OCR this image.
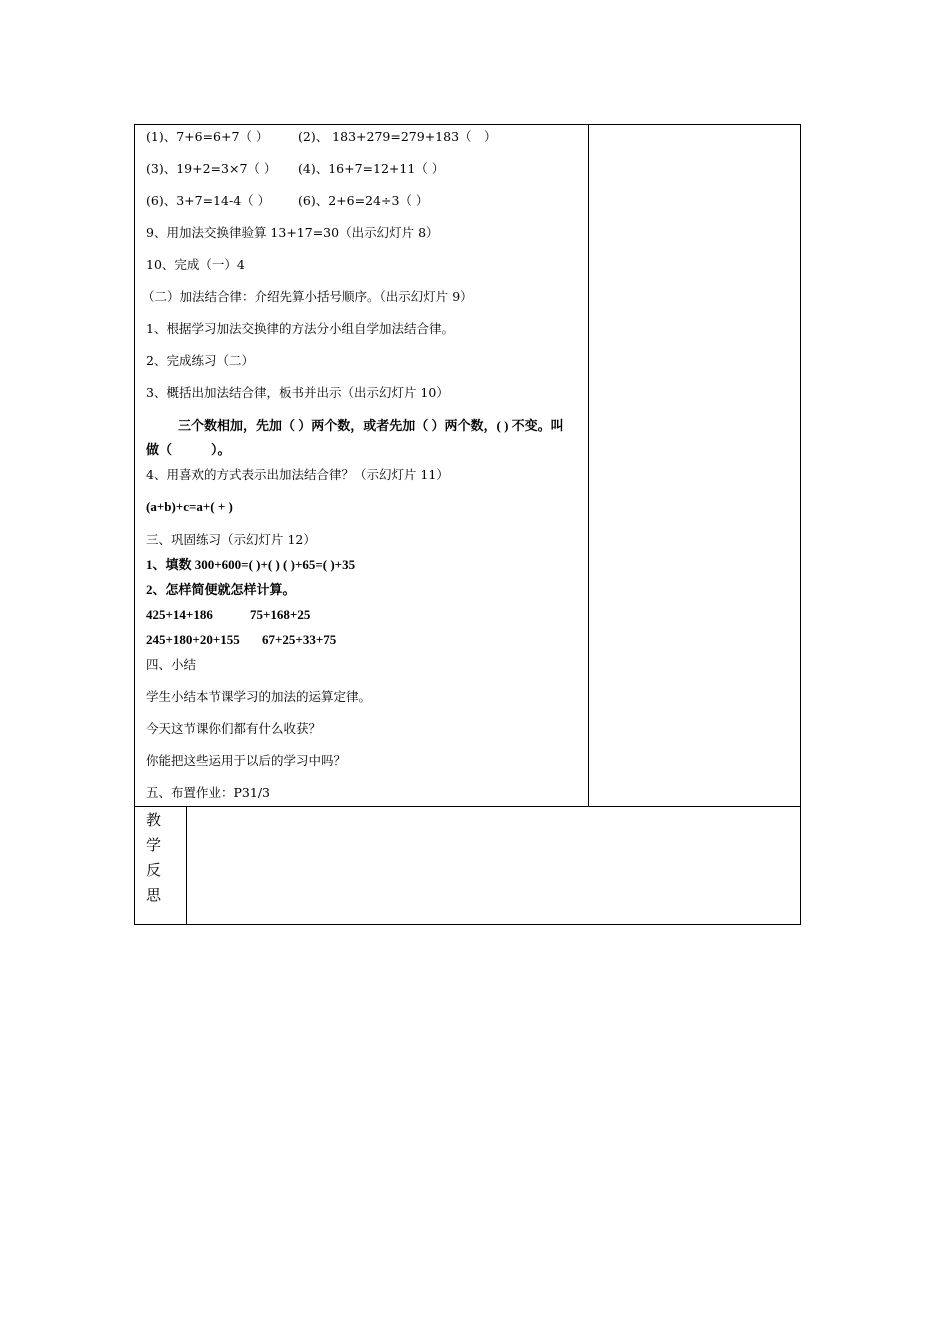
(1)、7+6=6+7（ ） (2)、 183+279=279+183（　）
(3)、19+2=3×7（ ） (4)、16+7=12+11（ ）
(6)、3+7=14-4（ ） (6)、2+6=24÷3（ ）
9、用加法交换律验算 13+17=30（出示幻灯片 8）
10、完成（一）4
（二）加法结合律：介绍先算小括号顺序。（出示幻灯片 9）
1、根据学习加法交换律的方法分小组自学加法结合律。
2、完成练习（二）
3、概括出加法结合律，板书并出示（出示幻灯片 10）
三个数相加，先加（ ）两个数，或者先加（ ）两个数，( ) 不变。叫
做（　　　）。
4、用喜欢的方式表示出加法结合律？（示幻灯片 11）
(a+b)+c=a+( + )
三、巩固练习（示幻灯片 12）
1、填数 300+600=( )+( ) ( )+65=( )+35
2、怎样简便就怎样计算。
425+14+186	75+168+25
245+180+20+155 67+25+33+75
四、小结
学生小结本节课学习的加法的运算定律。
今天这节课你们都有什么收获？
你能把这些运用于以后的学习中吗？
五、布置作业：P31/3
教
学
反
思
